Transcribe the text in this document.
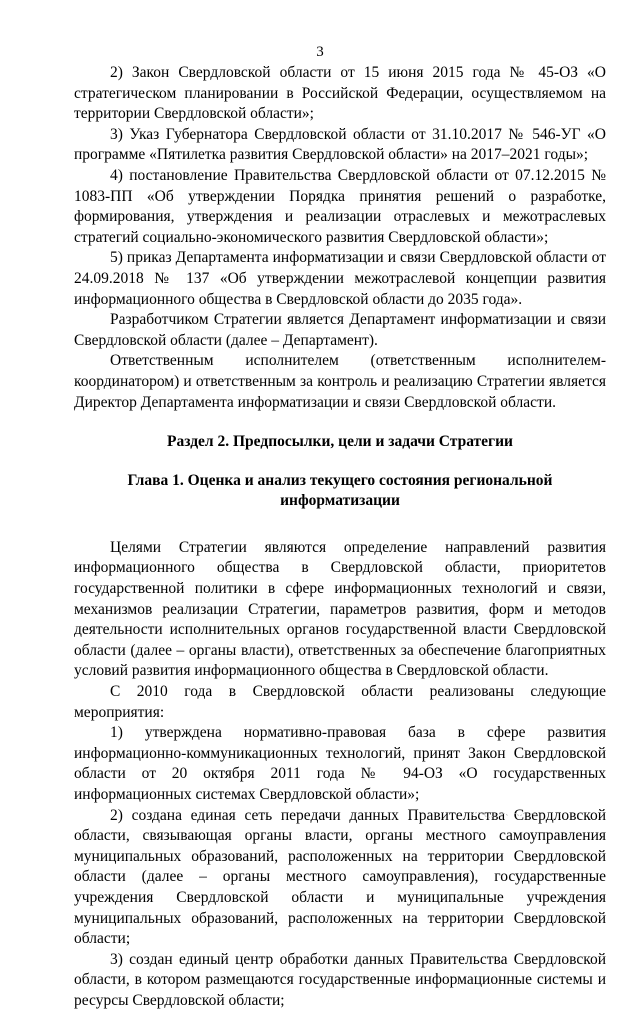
3

2) Закон Свердловской области от 15 июня 2015 года № 45-ОЗ «О стратегическом планировании в Российской Федерации, осуществляемом на территории Свердловской области»;

3) Указ Губернатора Свердловской области от 31.10.2017 № 546-УГ «О программе «Пятилетка развития Свердловской области» на 2017–2021 годы»;

4) постановление Правительства Свердловской области от 07.12.2015 № 1083-ПП «Об утверждении Порядка принятия решений о разработке, формирования, утверждения и реализации отраслевых и межотраслевых стратегий социально-экономического развития Свердловской области»;

5) приказ Департамента информатизации и связи Свердловской области от 24.09.2018 № 137 «Об утверждении межотраслевой концепции развития информационного общества в Свердловской области до 2035 года».

Разработчиком Стратегии является Департамент информатизации и связи Свердловской области (далее – Департамент).

Ответственным исполнителем (ответственным исполнителем-координатором) и ответственным за контроль и реализацию Стратегии является Директор Департамента информатизации и связи Свердловской области.

Раздел 2. Предпосылки, цели и задачи Стратегии

Глава 1. Оценка и анализ текущего состояния региональной информатизации

Целями Стратегии являются определение направлений развития информационного общества в Свердловской области, приоритетов государственной политики в сфере информационных технологий и связи, механизмов реализации Стратегии, параметров развития, форм и методов деятельности исполнительных органов государственной власти Свердловской области (далее – органы власти), ответственных за обеспечение благоприятных условий развития информационного общества в Свердловской области.

С 2010 года в Свердловской области реализованы следующие мероприятия:

1) утверждена нормативно-правовая база в сфере развития информационно-коммуникационных технологий, принят Закон Свердловской области от 20 октября 2011 года № 94-ОЗ «О государственных информационных системах Свердловской области»;

2) создана единая сеть передачи данных Правительства Свердловской области, связывающая органы власти, органы местного самоуправления муниципальных образований, расположенных на территории Свердловской области (далее – органы местного самоуправления), государственные учреждения Свердловской области и муниципальные учреждения муниципальных образований, расположенных на территории Свердловской области;

3) создан единый центр обработки данных Правительства Свердловской области, в котором размещаются государственные информационные системы и ресурсы Свердловской области;
